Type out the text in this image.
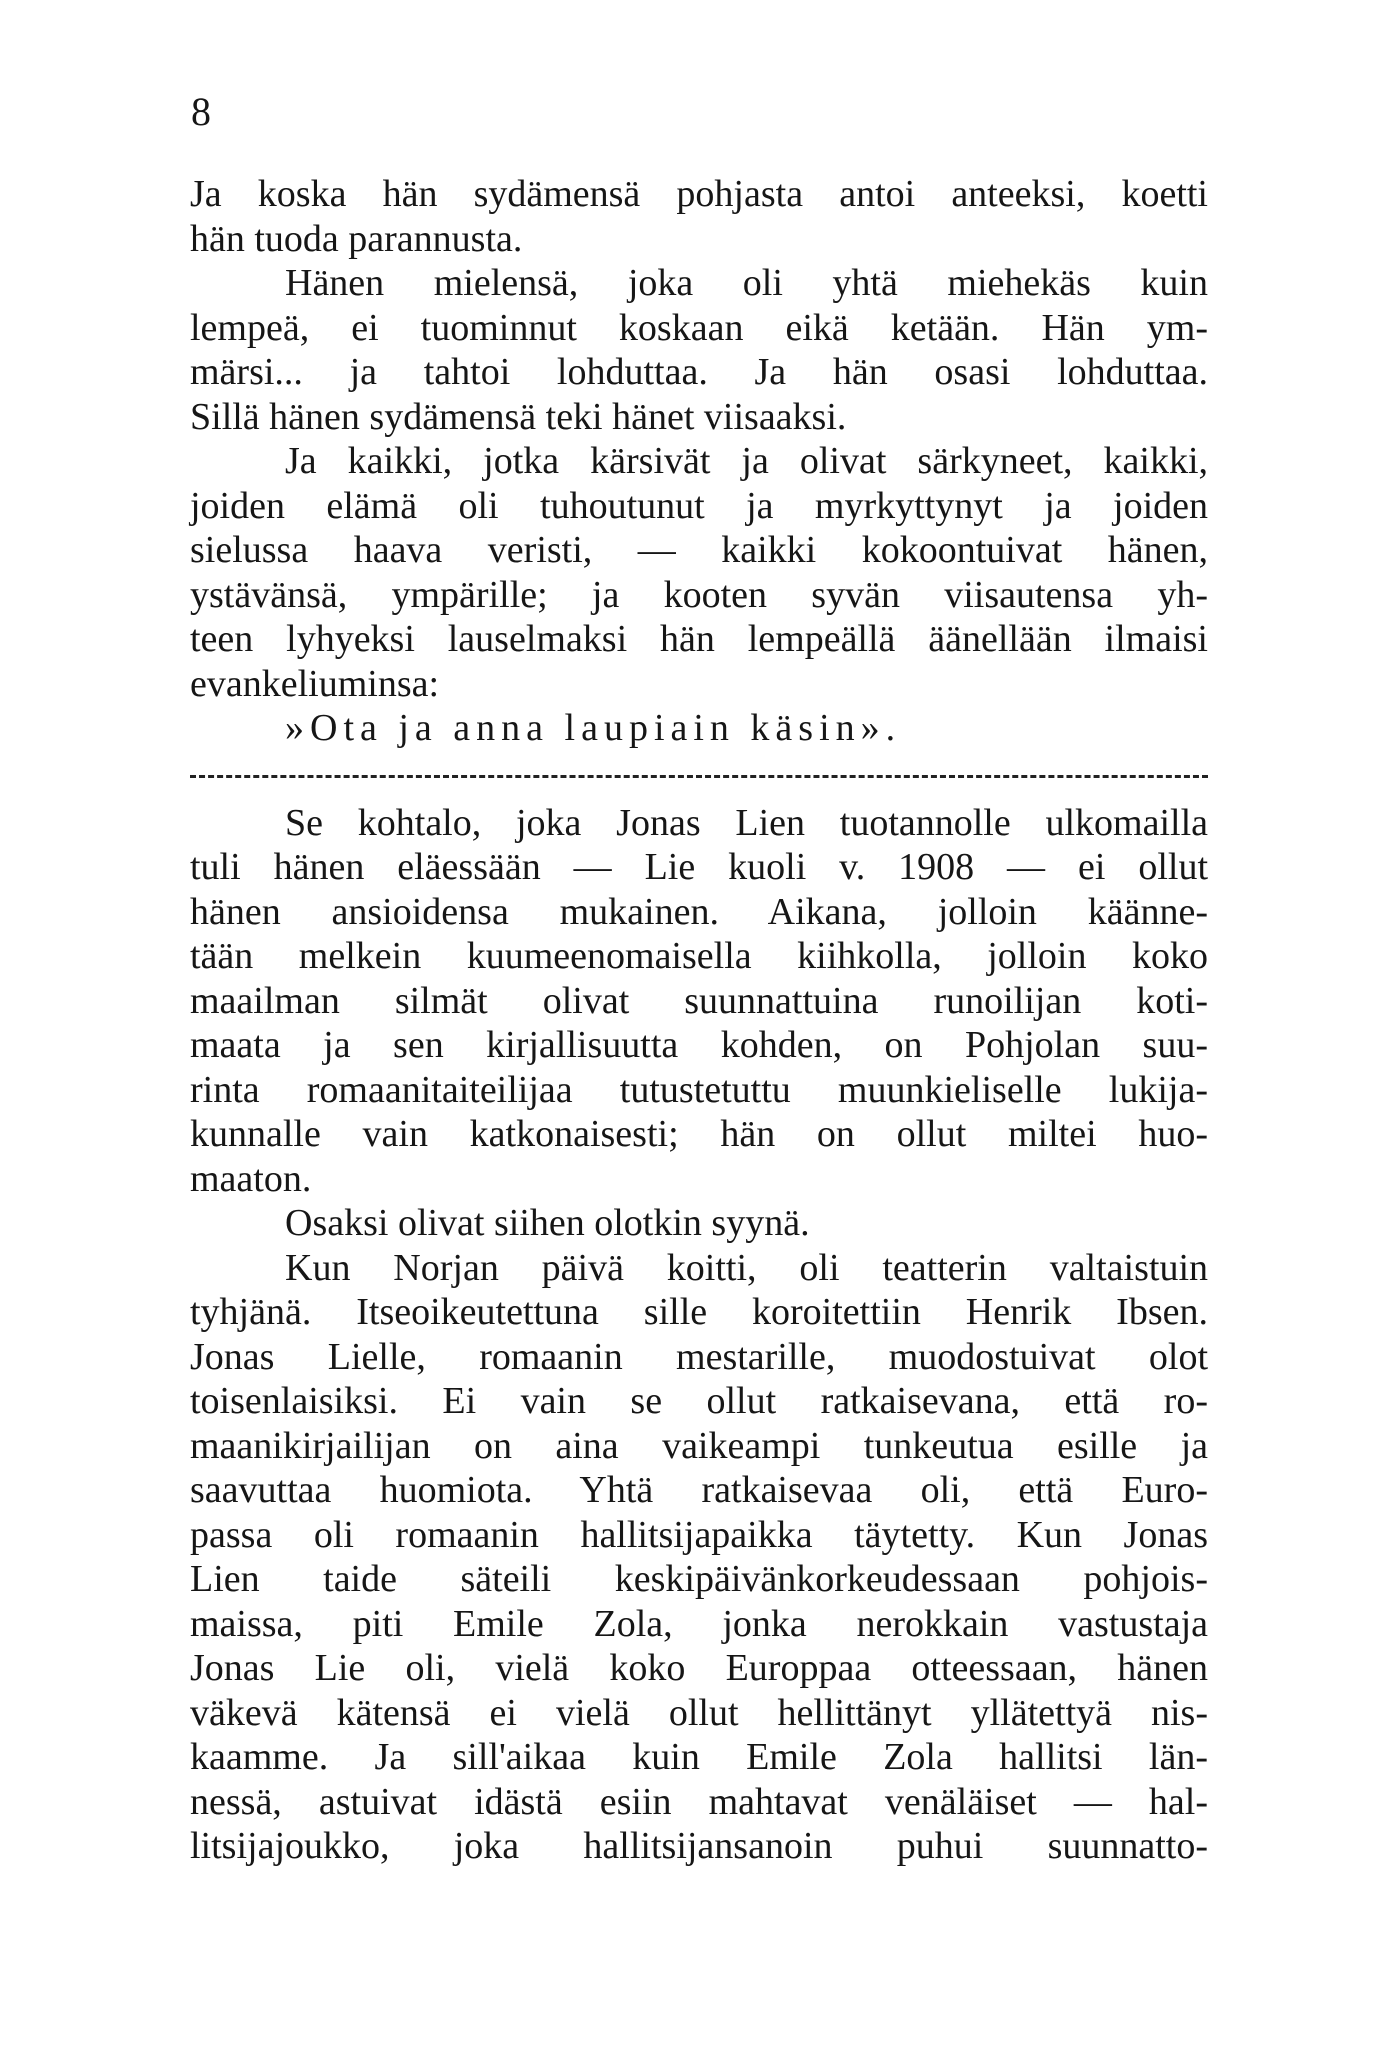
8
Ja koska hän sydämensä pohjasta antoi anteeksi, koetti
hän tuoda parannusta.
Hänen mielensä, joka oli yhtä miehekäs kuin
lempeä, ei tuominnut koskaan eikä ketään. Hän ym-
märsi... ja tahtoi lohduttaa. Ja hän osasi lohduttaa.
Sillä hänen sydämensä teki hänet viisaaksi.
Ja kaikki, jotka kärsivät ja olivat särkyneet, kaikki,
joiden elämä oli tuhoutunut ja myrkyttynyt ja joiden
sielussa haava veristi, — kaikki kokoontuivat hänen,
ystävänsä, ympärille; ja kooten syvän viisautensa yh-
teen lyhyeksi lauselmaksi hän lempeällä äänellään ilmaisi
evankeliuminsa:
»Ota ja anna laupiain käsin».
Se kohtalo, joka Jonas Lien tuotannolle ulkomailla
tuli hänen eläessään — Lie kuoli v. 1908 — ei ollut
hänen ansioidensa mukainen. Aikana, jolloin käänne-
tään melkein kuumeenomaisella kiihkolla, jolloin koko
maailman silmät olivat suunnattuina runoilijan koti-
maata ja sen kirjallisuutta kohden, on Pohjolan suu-
rinta romaanitaiteilijaa tutustetuttu muunkieliselle lukija-
kunnalle vain katkonaisesti; hän on ollut miltei huo-
maaton.
Osaksi olivat siihen olotkin syynä.
Kun Norjan päivä koitti, oli teatterin valtaistuin
tyhjänä. Itseoikeutettuna sille koroitettiin Henrik Ibsen.
Jonas Lielle, romaanin mestarille, muodostuivat olot
toisenlaisiksi. Ei vain se ollut ratkaisevana, että ro-
maanikirjailijan on aina vaikeampi tunkeutua esille ja
saavuttaa huomiota. Yhtä ratkaisevaa oli, että Euro-
passa oli romaanin hallitsijapaikka täytetty. Kun Jonas
Lien taide säteili keskipäivänkorkeudessaan pohjois-
maissa, piti Emile Zola, jonka nerokkain vastustaja
Jonas Lie oli, vielä koko Europpaa otteessaan, hänen
väkevä kätensä ei vielä ollut hellittänyt yllätettyä nis-
kaamme. Ja sill'aikaa kuin Emile Zola hallitsi län-
nessä, astuivat idästä esiin mahtavat venäläiset — hal-
litsijajoukko, joka hallitsijansanoin puhui suunnatto-
